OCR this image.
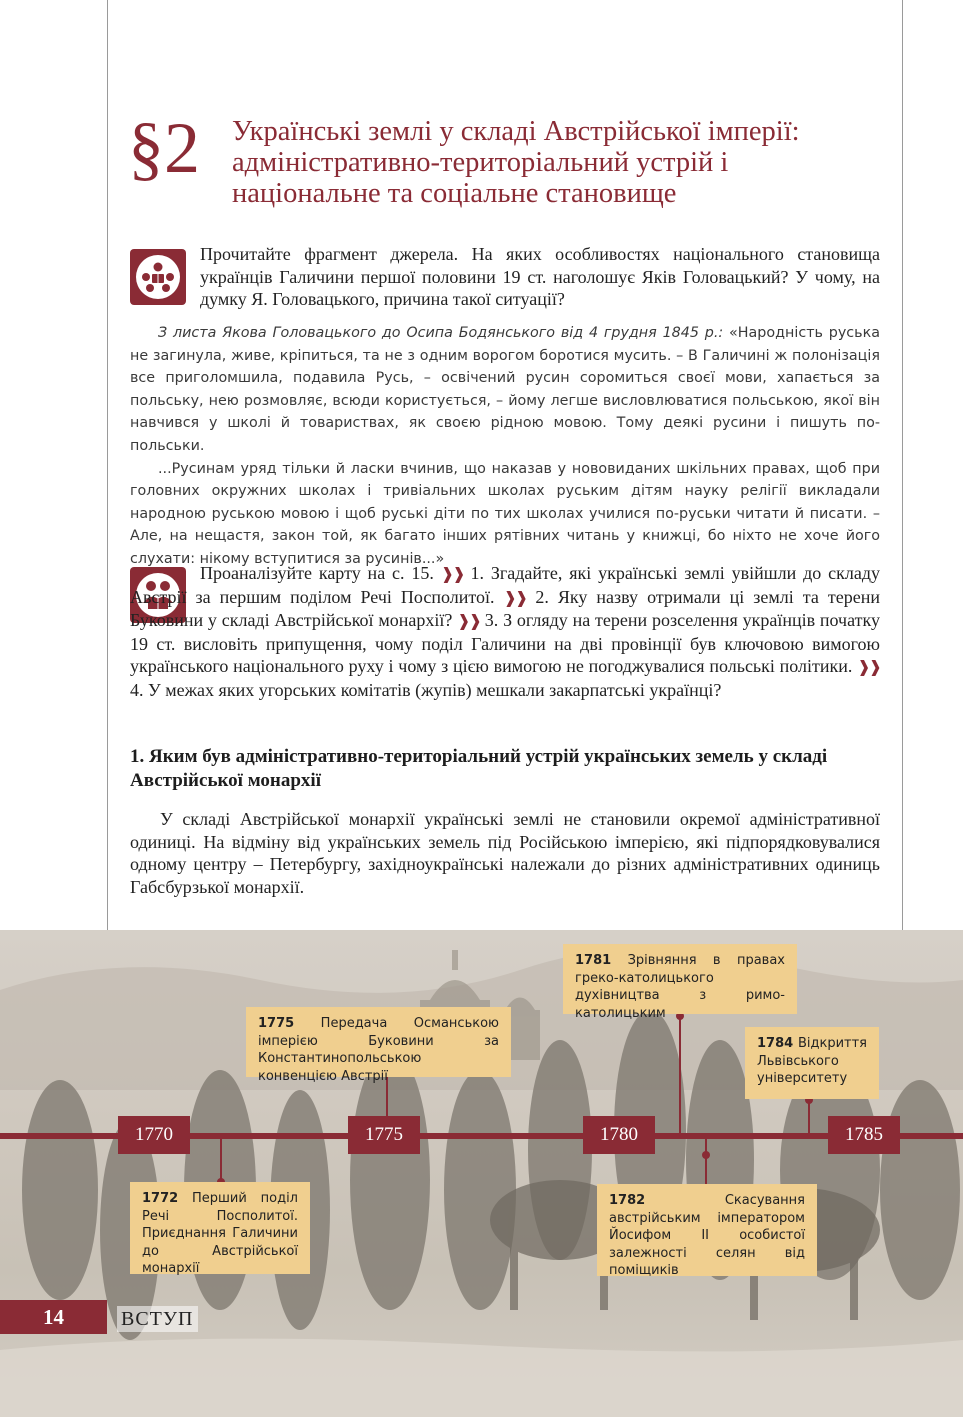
§2 Українські землі у складі Австрійської імперії: адміністративно-територіальний устрій і національне та соціальне становище
Прочитайте фрагмент джерела. На яких особливостях національного становища українців Галичини першої половини 19 ст. наголошує Яків Головацький? У чому, на думку Я. Головацького, причина такої ситуації?

З листа Якова Головацького до Осипа Бодянського від 4 грудня 1845 р.: «Народність руська не загинула, живе, кріпиться, та не з одним ворогом боротися мусить. – В Галичині ж полонізація все приголомшила, подавила Русь, – освічений русин соромиться своєї мови, хапається за польську, нею розмовляє, всюди користується, – йому легше висловлюватися польською, якої він навчився у школі й товариствах, як своєю рідною мовою. Тому деякі русини і пишуть по-польськи.

...Русинам уряд тільки й ласки вчинив, що наказав у нововиданих шкільних правах, щоб при головних окружних школах і тривіальних школах руським дітям науку релігії викладали народною руською мовою і щоб руські діти по тих школах училися по-руськи читати й писати. – Але, на нещастя, закон той, як багато інших рятівних читань у книжці, бо ніхто не хоче його слухати: нікому вступитися за русинів...»

Проаналізуйте карту на с. 15. ❱❱ 1. Згадайте, які українські землі увійшли до складу Австрії за першим поділом Речі Посполитої. ❱❱ 2. Яку назву отримали ці землі та терени Буковини у складі Австрійської монархії? ❱❱ 3. З огляду на терени розселення українців початку 19 ст. висловіть припущення, чому поділ Галичини на дві провінції був ключовою вимогою українського національного руху і чому з цією вимогою не погоджувалися польські політики. ❱❱ 4. У межах яких угорських комітатів (жупів) мешкали закарпатські українці?
1. Яким був адміністративно-територіальний устрій українських земель у складі Австрійської монархії
У складі Австрійської монархії українські землі не становили окремої адміністративної одиниці. На відміну від українських земель під Російською імперією, які підпорядковувалися одному центру – Петербургу, західноукраїнські належали до різних адміністративних одиниць Габсбурзької монархії.
1770	1775	1780	1785
1775 Передача Османською імперією Буковини за Константинопольською конвенцією Австрії
1781 Зрівняння в правах греко-католицького духівництва з римо-католицьким
1784 Відкриття Львівського університету
1772 Перший поділ Речі Посполитої. Приєднання Галичини до Австрійської монархії
1782	Скасування австрійським імператором Йосифом II особистої залежності селян від поміщиків
14	ВСТУП
